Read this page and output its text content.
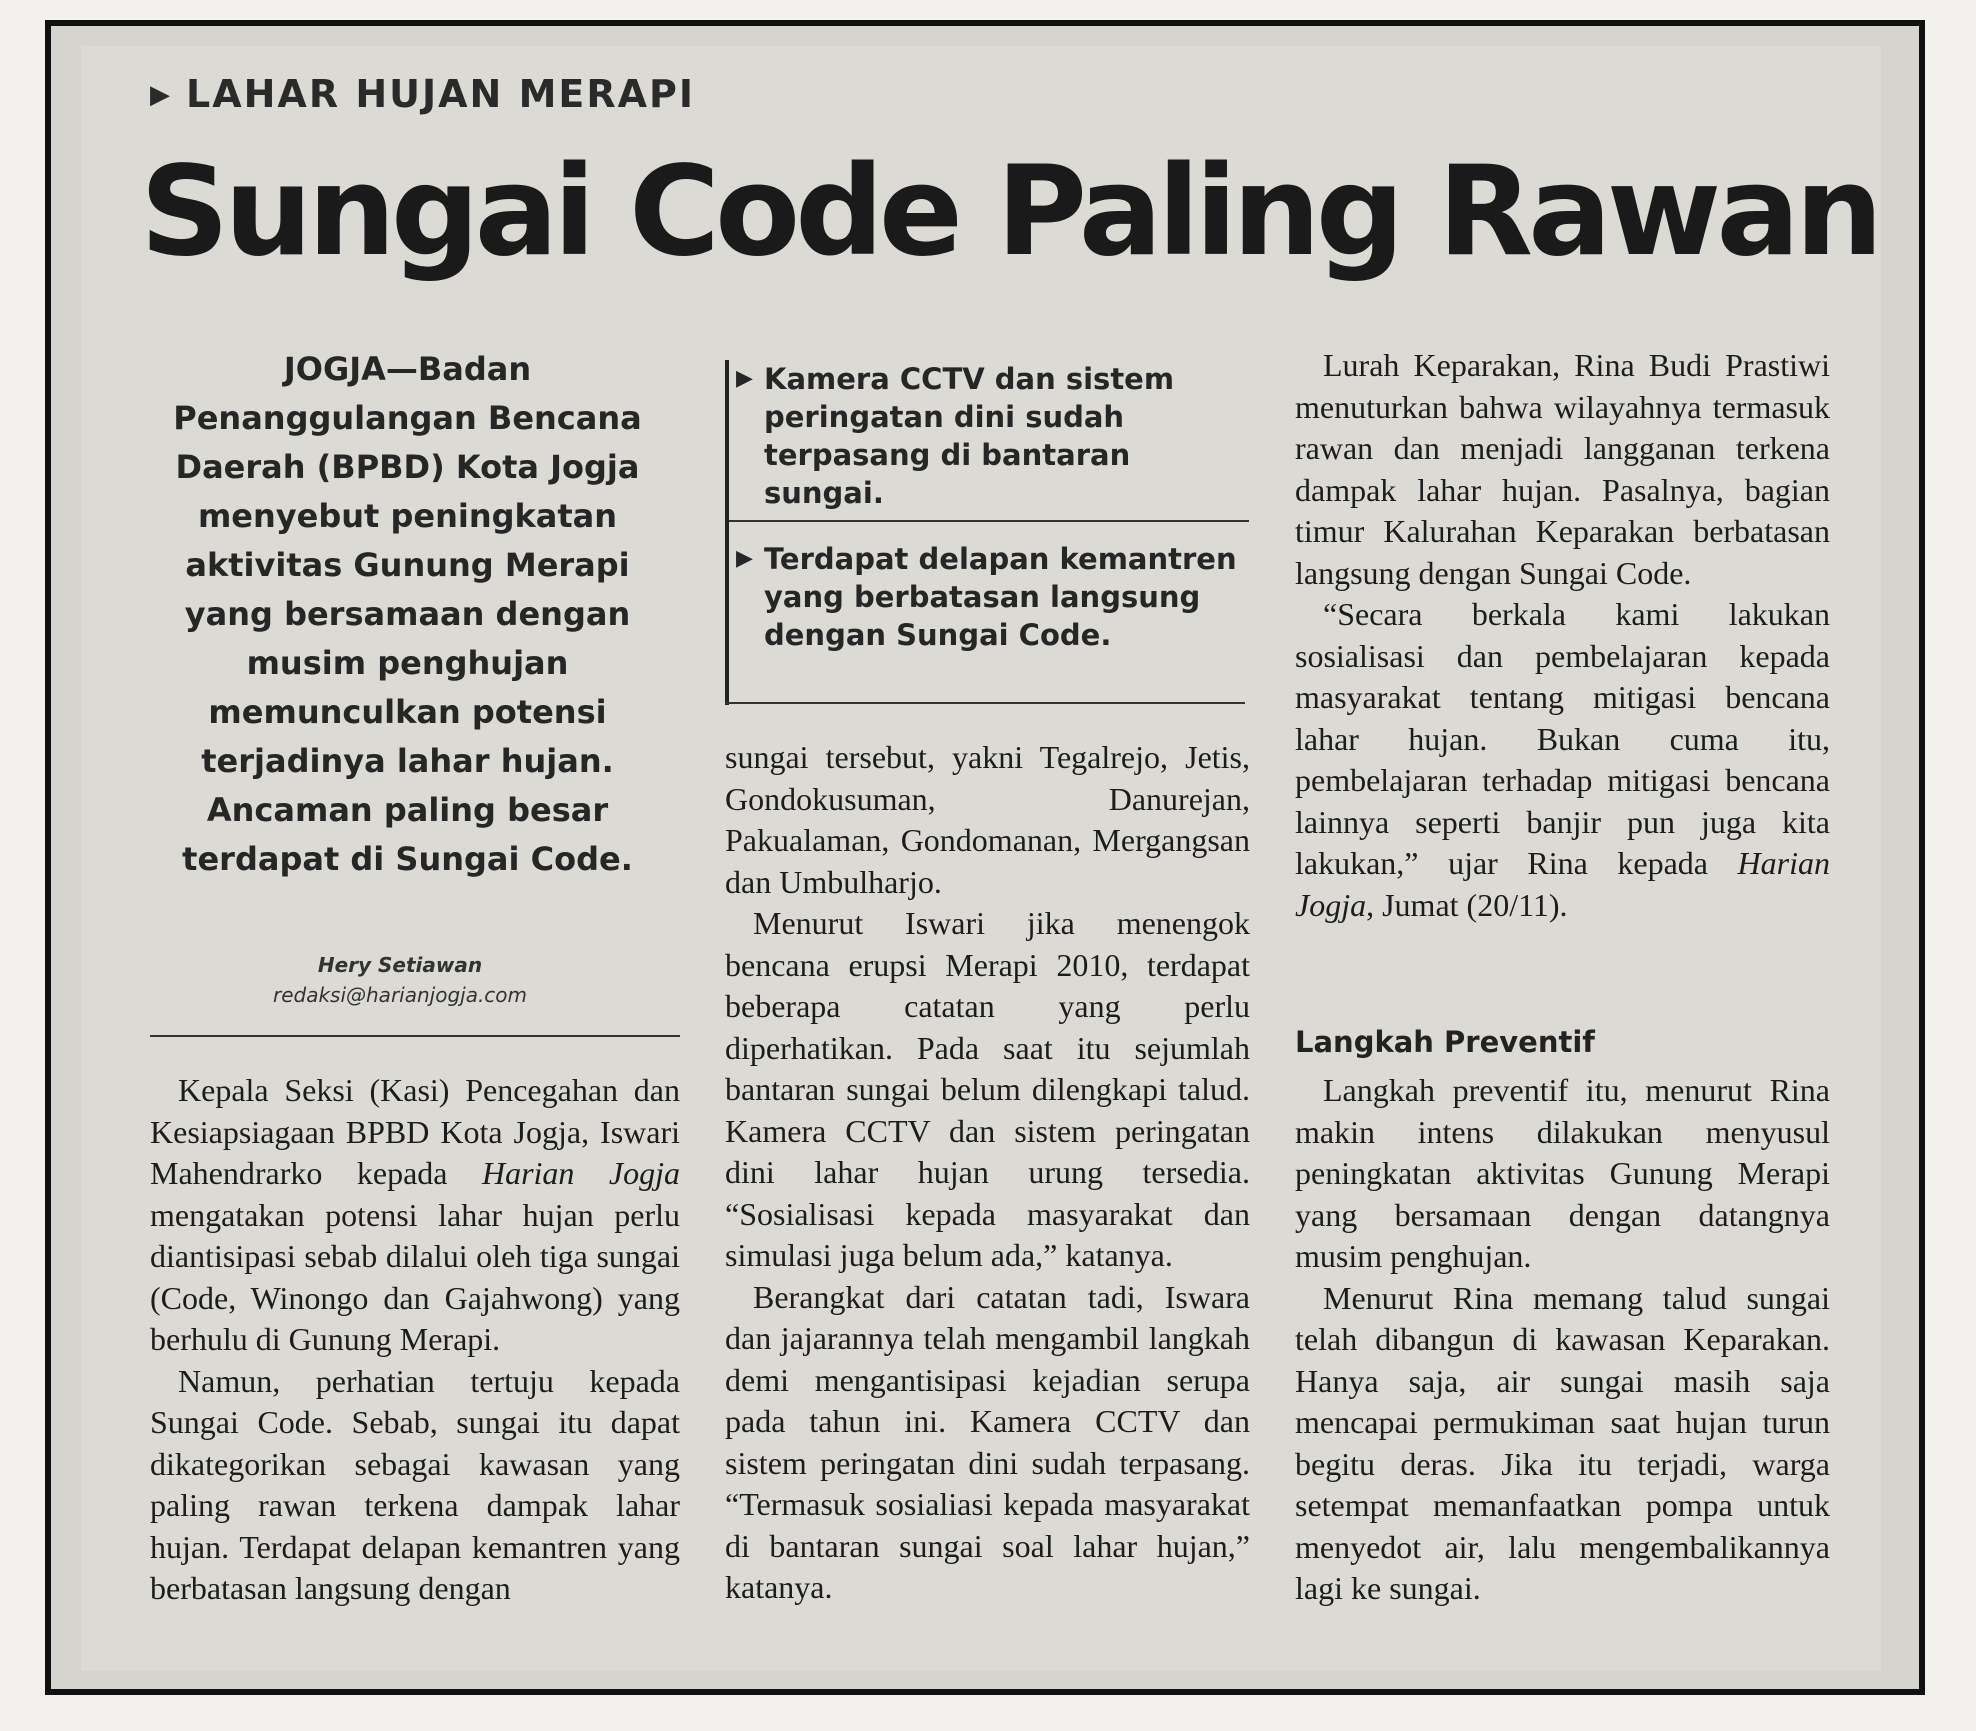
▶ LAHAR HUJAN MERAPI
Sungai Code Paling Rawan
JOGJA—Badan Penanggulangan Bencana Daerah (BPBD) Kota Jogja menyebut peningkatan aktivitas Gunung Merapi yang bersamaan dengan musim penghujan memunculkan potensi terjadinya lahar hujan. Ancaman paling besar terdapat di Sungai Code.
Hery Setiawan
redaksi@harianjogja.com
▶ Kamera CCTV dan sistem peringatan dini sudah terpasang di bantaran sungai.
▶ Terdapat delapan kemantren yang berbatasan langsung dengan Sungai Code.

Kepala Seksi (Kasi) Pencegahan dan Kesiapsiagaan BPBD Kota Jogja, Iswari Mahendrarko kepada Harian Jogja mengatakan potensi lahar hujan perlu diantisipasi sebab dilalui oleh tiga sungai (Code, Winongo dan Gajahwong) yang berhulu di Gunung Merapi.

Namun, perhatian tertuju kepada Sungai Code. Sebab, sungai itu dapat dikategorikan sebagai kawasan yang paling rawan terkena dampak lahar hujan. Terdapat delapan kemantren yang berbatasan langsung dengan

sungai tersebut, yakni Tegalrejo, Jetis, Gondokusuman, Danurejan, Pakualaman, Gondomanan, Mergangsan dan Umbulharjo.

Menurut Iswari jika menengok bencana erupsi Merapi 2010, terdapat beberapa catatan yang perlu diperhatikan. Pada saat itu sejumlah bantaran sungai belum dilengkapi talud. Kamera CCTV dan sistem peringatan dini lahar hujan urung tersedia. “Sosialisasi kepada masyarakat dan simulasi juga belum ada,” katanya.

Berangkat dari catatan tadi, Iswara dan jajarannya telah mengambil langkah demi mengantisipasi kejadian serupa pada tahun ini. Kamera CCTV dan sistem peringatan dini sudah terpasang. “Termasuk sosialiasi kepada masyarakat di bantaran sungai soal lahar hujan,” katanya.

Lurah Keparakan, Rina Budi Prastiwi menuturkan bahwa wilayahnya termasuk rawan dan menjadi langganan terkena dampak lahar hujan. Pasalnya, bagian timur Kalurahan Keparakan berbatasan langsung dengan Sungai Code.

“Secara berkala kami lakukan sosialisasi dan pembelajaran kepada masyarakat tentang mitigasi bencana lahar hujan. Bukan cuma itu, pembelajaran terhadap mitigasi bencana lainnya seperti banjir pun juga kita lakukan,” ujar Rina kepada Harian Jogja, Jumat (20/11).

Langkah Preventif

Langkah preventif itu, menurut Rina makin intens dilakukan menyusul peningkatan aktivitas Gunung Merapi yang bersamaan dengan datangnya musim penghujan.

Menurut Rina memang talud sungai telah dibangun di kawasan Keparakan. Hanya saja, air sungai masih saja mencapai permukiman saat hujan turun begitu deras. Jika itu terjadi, warga setempat memanfaatkan pompa untuk menyedot air, lalu mengembalikannya lagi ke sungai.
